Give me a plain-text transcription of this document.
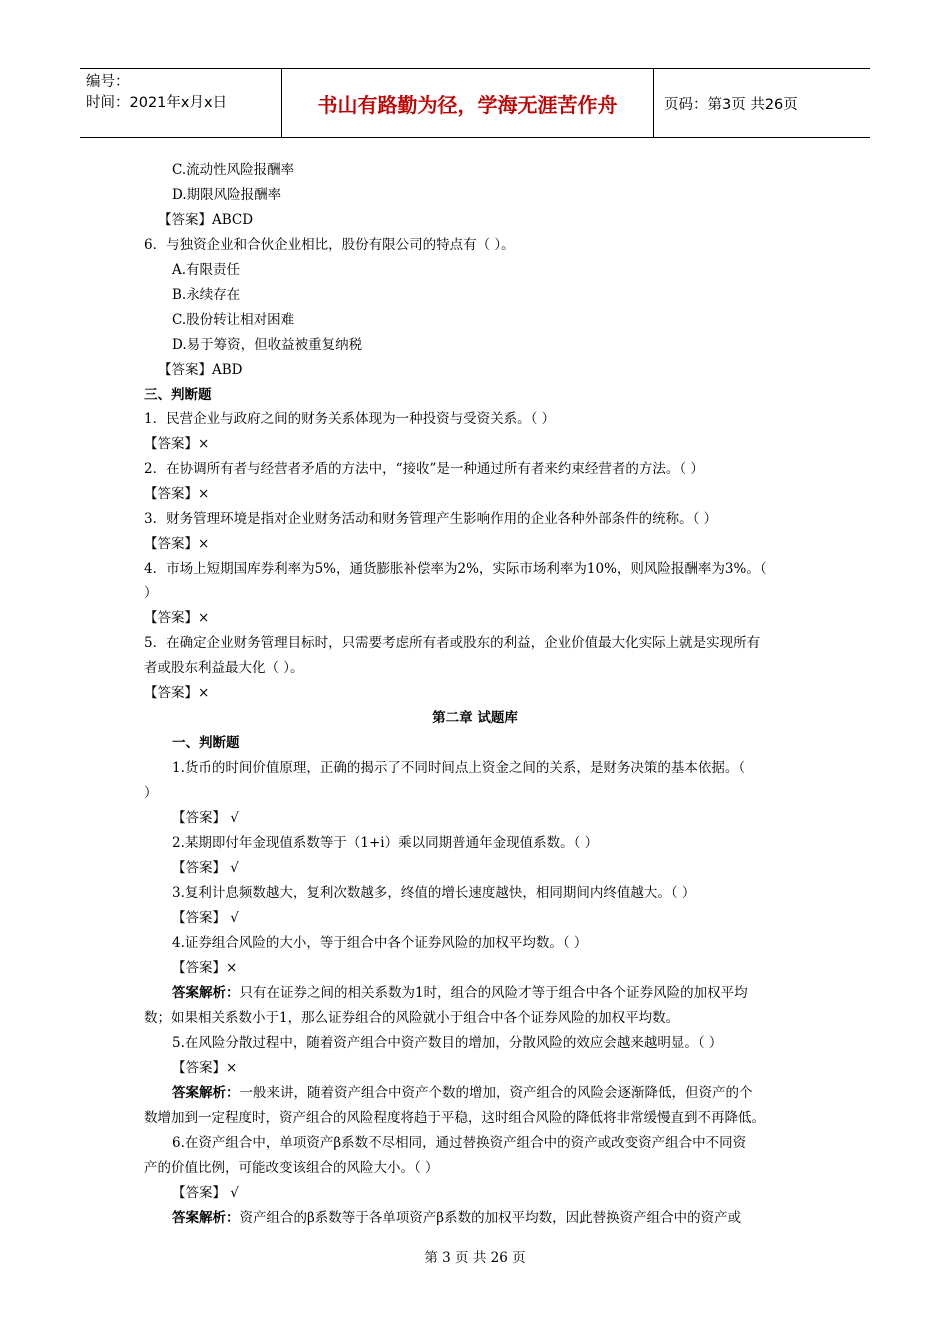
编号：
时间：2021年x月x日	书山有路勤为径，学海无涯苦作舟	页码：第3页 共26页
C.流动性风险报酬率
D.期限风险报酬率
【答案】ABCD
6．与独资企业和合伙企业相比，股份有限公司的特点有（ ）。
A.有限责任
B.永续存在
C.股份转让相对困难
D.易于筹资，但收益被重复纳税
【答案】ABD
三、判断题
1．民营企业与政府之间的财务关系体现为一种投资与受资关系。（ ）
【答案】×
2．在协调所有者与经营者矛盾的方法中，“接收”是一种通过所有者来约束经营者的方法。（ ）
【答案】×
3．财务管理环境是指对企业财务活动和财务管理产生影响作用的企业各种外部条件的统称。（ ）
【答案】×
4．市场上短期国库券利率为5%，通货膨胀补偿率为2%，实际市场利率为10%，则风险报酬率为3%。（
）
【答案】×
5．在确定企业财务管理目标时，只需要考虑所有者或股东的利益，企业价值最大化实际上就是实现所有
者或股东利益最大化（ ）。
【答案】×
第二章 试题库
一、判断题
1.货币的时间价值原理，正确的揭示了不同时间点上资金之间的关系，是财务决策的基本依据。（
）
【答案】 √
2.某期即付年金现值系数等于（1+i）乘以同期普通年金现值系数。（ ）
【答案】 √
3.复利计息频数越大，复利次数越多，终值的增长速度越快，相同期间内终值越大。（ ）
【答案】 √
4.证券组合风险的大小，等于组合中各个证券风险的加权平均数。（ ）
【答案】×
答案解析：只有在证券之间的相关系数为1时，组合的风险才等于组合中各个证券风险的加权平均
数；如果相关系数小于1，那么证券组合的风险就小于组合中各个证券风险的加权平均数。
5.在风险分散过程中，随着资产组合中资产数目的增加，分散风险的效应会越来越明显。（ ）
【答案】×
答案解析：一般来讲，随着资产组合中资产个数的增加，资产组合的风险会逐渐降低，但资产的个
数增加到一定程度时，资产组合的风险程度将趋于平稳，这时组合风险的降低将非常缓慢直到不再降低。
6.在资产组合中，单项资产β系数不尽相同，通过替换资产组合中的资产或改变资产组合中不同资
产的价值比例，可能改变该组合的风险大小。（ ）
【答案】 √
答案解析：资产组合的β系数等于各单项资产β系数的加权平均数，因此替换资产组合中的资产或
第 3 页 共 26 页
